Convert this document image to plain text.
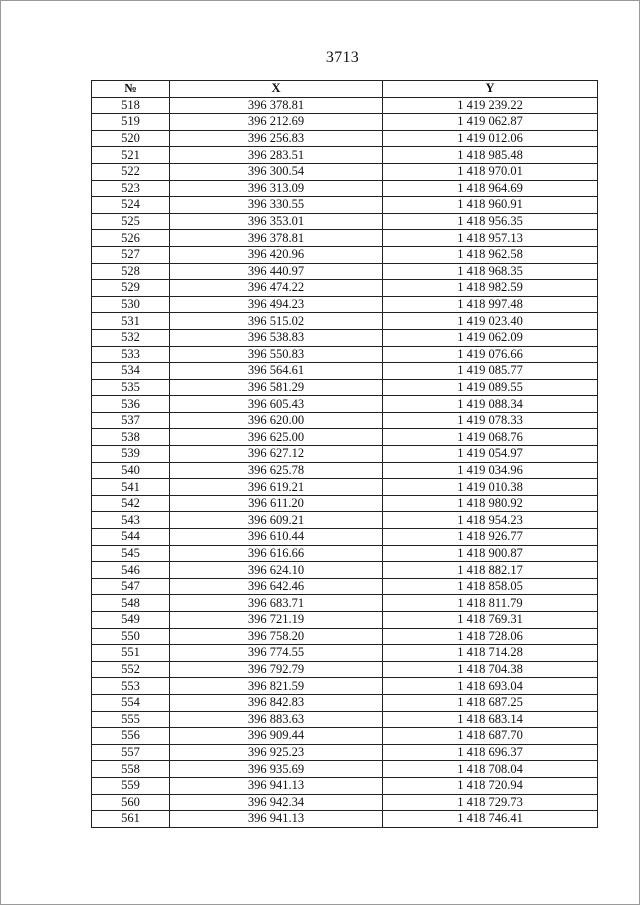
3713
№	X	Y
518	396 378.81	1 419 239.22
519	396 212.69	1 419 062.87
520	396 256.83	1 419 012.06
521	396 283.51	1 418 985.48
522	396 300.54	1 418 970.01
523	396 313.09	1 418 964.69
524	396 330.55	1 418 960.91
525	396 353.01	1 418 956.35
526	396 378.81	1 418 957.13
527	396 420.96	1 418 962.58
528	396 440.97	1 418 968.35
529	396 474.22	1 418 982.59
530	396 494.23	1 418 997.48
531	396 515.02	1 419 023.40
532	396 538.83	1 419 062.09
533	396 550.83	1 419 076.66
534	396 564.61	1 419 085.77
535	396 581.29	1 419 089.55
536	396 605.43	1 419 088.34
537	396 620.00	1 419 078.33
538	396 625.00	1 419 068.76
539	396 627.12	1 419 054.97
540	396 625.78	1 419 034.96
541	396 619.21	1 419 010.38
542	396 611.20	1 418 980.92
543	396 609.21	1 418 954.23
544	396 610.44	1 418 926.77
545	396 616.66	1 418 900.87
546	396 624.10	1 418 882.17
547	396 642.46	1 418 858.05
548	396 683.71	1 418 811.79
549	396 721.19	1 418 769.31
550	396 758.20	1 418 728.06
551	396 774.55	1 418 714.28
552	396 792.79	1 418 704.38
553	396 821.59	1 418 693.04
554	396 842.83	1 418 687.25
555	396 883.63	1 418 683.14
556	396 909.44	1 418 687.70
557	396 925.23	1 418 696.37
558	396 935.69	1 418 708.04
559	396 941.13	1 418 720.94
560	396 942.34	1 418 729.73
561	396 941.13	1 418 746.41
